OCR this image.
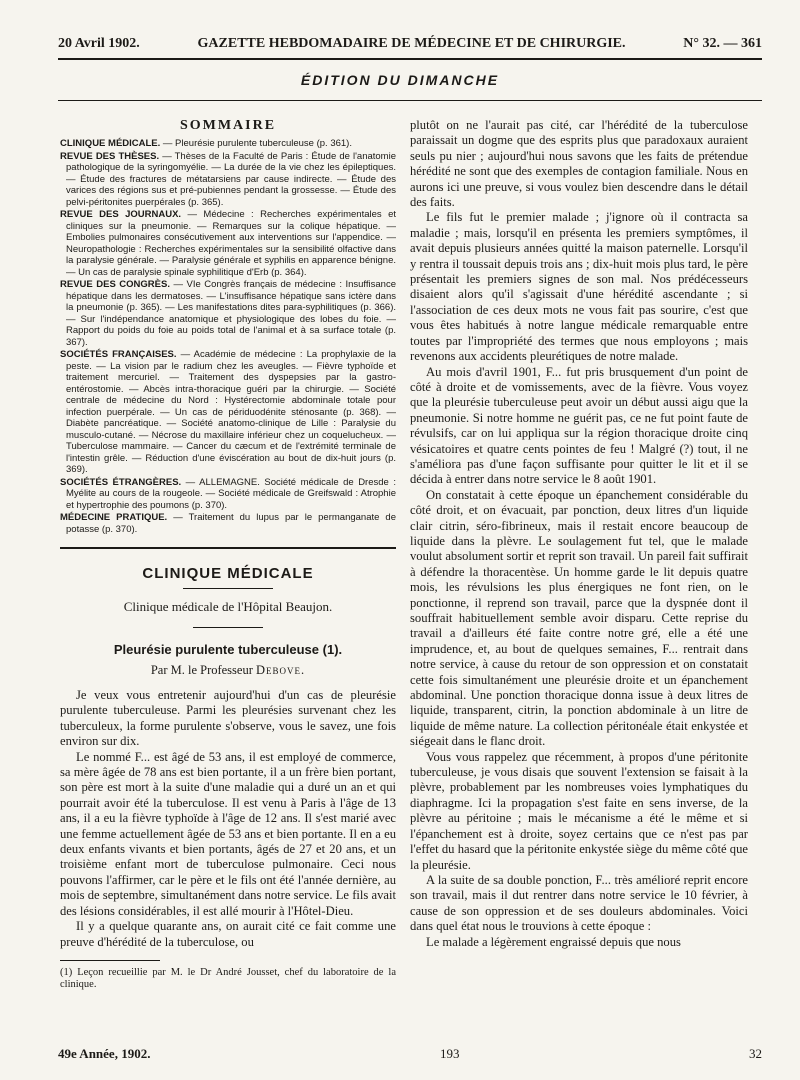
20 Avril 1902.	GAZETTE HEBDOMADAIRE DE MÉDECINE ET DE CHIRURGIE.	N° 32. — 361
ÉDITION DU DIMANCHE
SOMMAIRE

CLINIQUE MÉDICALE. — Pleurésie purulente tuberculeuse (p. 361).

REVUE DES THÈSES. — Thèses de la Faculté de Paris : Étude de l'anatomie pathologique de la syringomyélie. — La durée de la vie chez les épileptiques. — Étude des fractures de métatarsiens par cause indirecte. — Étude des varices des régions sus et pré-pubiennes pendant la grossesse. — Étude des pelvi-péritonites puerpérales (p. 365).

REVUE DES JOURNAUX. — Médecine : Recherches expérimentales et cliniques sur la pneumonie. — Remarques sur la colique hépatique. — Embolies pulmonaires consécutivement aux interventions sur l'appendice. — Neuropathologie : Recherches expérimentales sur la sensibilité olfactive dans la paralysie générale. — Paralysie générale et syphilis en apparence bénigne. — Un cas de paralysie spinale syphilitique d'Erb (p. 364).

REVUE DES CONGRÈS. — VIe Congrès français de médecine : Insuffisance hépatique dans les dermatoses. — L'insuffisance hépatique sans ictère dans la pneumonie (p. 365). — Les manifestations dites para-syphilitiques (p. 366). — Sur l'indépendance anatomique et physiologique des lobes du foie. — Rapport du poids du foie au poids total de l'animal et à sa surface totale (p. 367).

SOCIÉTÉS FRANÇAISES. — Académie de médecine : La prophylaxie de la peste. — La vision par le radium chez les aveugles. — Fièvre typhoïde et traitement mercuriel. — Traitement des dyspepsies par la gastro-entérostomie. — Abcès intra-thoracique guéri par la chirurgie. — Société centrale de médecine du Nord : Hystérectomie abdominale totale pour infection puerpérale. — Un cas de périduodénite sténosante (p. 368). — Diabète pancréatique. — Société anatomo-clinique de Lille : Paralysie du musculo-cutané. — Nécrose du maxillaire inférieur chez un coquelucheux. — Tuberculose mammaire. — Cancer du cæcum et de l'extrémité terminale de l'intestin grêle. — Réduction d'une éviscération au bout de dix-huit jours (p. 369).

SOCIÉTÉS ÉTRANGÈRES. — ALLEMAGNE. Société médicale de Dresde : Myélite au cours de la rougeole. — Société médicale de Greifswald : Atrophie et hypertrophie des poumons (p. 370).

MÉDECINE PRATIQUE. — Traitement du lupus par le permanganate de potasse (p. 370).

CLINIQUE MÉDICALE
Clinique médicale de l'Hôpital Beaujon.
Pleurésie purulente tuberculeuse (1).
Par M. le Professeur Debove.

Je veux vous entretenir aujourd'hui d'un cas de pleurésie purulente tuberculeuse. Parmi les pleurésies survenant chez les tuberculeux, la forme purulente s'observe, vous le savez, une fois environ sur dix.

Le nommé F... est âgé de 53 ans, il est employé de commerce, sa mère âgée de 78 ans est bien portante, il a un frère bien portant, son père est mort à la suite d'une maladie qui a duré un an et qui pourrait avoir été la tuberculose. Il est venu à Paris à l'âge de 13 ans, il a eu la fièvre typhoïde à l'âge de 12 ans. Il s'est marié avec une femme actuellement âgée de 53 ans et bien portante. Il en a eu deux enfants vivants et bien portants, âgés de 27 et 20 ans, et un troisième enfant mort de tuberculose pulmonaire. Ceci nous pouvons l'affirmer, car le père et le fils ont été l'année dernière, au mois de septembre, simultanément dans notre service. Le fils avait des lésions considérables, il est allé mourir à l'Hôtel-Dieu.

Il y a quelque quarante ans, on aurait cité ce fait comme une preuve d'hérédité de la tuberculose, ou

(1) Leçon recueillie par M. le Dr André Jousset, chef du laboratoire de la clinique.

plutôt on ne l'aurait pas cité, car l'hérédité de la tuberculose paraissait un dogme que des esprits plus que paradoxaux auraient seuls pu nier ; aujourd'hui nous savons que les faits de prétendue hérédité ne sont que des exemples de contagion familiale. Nous en aurons ici une preuve, si vous voulez bien descendre dans le détail des faits.

Le fils fut le premier malade ; j'ignore où il contracta sa maladie ; mais, lorsqu'il en présenta les premiers symptômes, il avait depuis plusieurs années quitté la maison paternelle. Lorsqu'il y rentra il toussait depuis trois ans ; dix-huit mois plus tard, le père présentait les premiers signes de son mal. Nos prédécesseurs disaient alors qu'il s'agissait d'une hérédité ascendante ; si l'association de ces deux mots ne vous fait pas sourire, c'est que vous êtes habitués à notre langue médicale remarquable entre toutes par l'impropriété des termes que nous employons ; mais revenons aux accidents pleurétiques de notre malade.

Au mois d'avril 1901, F... fut pris brusquement d'un point de côté à droite et de vomissements, avec de la fièvre. Vous voyez que la pleurésie tuberculeuse peut avoir un début aussi aigu que la pneumonie. Si notre homme ne guérit pas, ce ne fut point faute de révulsifs, car on lui appliqua sur la région thoracique droite cinq vésicatoires et quatre cents pointes de feu ! Malgré (?) tout, il ne s'améliora pas d'une façon suffisante pour quitter le lit et il se décida à entrer dans notre service le 8 août 1901.

On constatait à cette époque un épanchement considérable du côté droit, et on évacuait, par ponction, deux litres d'un liquide clair citrin, séro-fibrineux, mais il restait encore beaucoup de liquide dans la plèvre. Le soulagement fut tel, que le malade voulut absolument sortir et reprit son travail. Un pareil fait suffirait à défendre la thoracentèse. Un homme garde le lit depuis quatre mois, les révulsions les plus énergiques ne font rien, on le ponctionne, il reprend son travail, parce que la dyspnée dont il souffrait habituellement semble avoir disparu. Cette reprise du travail a d'ailleurs été faite contre notre gré, elle a été une imprudence, et, au bout de quelques semaines, F... rentrait dans notre service, à cause du retour de son oppression et on constatait cette fois simultanément une pleurésie droite et un épanchement abdominal. Une ponction thoracique donna issue à deux litres de liquide, transparent, citrin, la ponction abdominale à un litre de liquide de même nature. La collection péritonéale était enkystée et siégeait dans le flanc droit.

Vous vous rappelez que récemment, à propos d'une péritonite tuberculeuse, je vous disais que souvent l'extension se faisait à la plèvre, probablement par les nombreuses voies lymphatiques du diaphragme. Ici la propagation s'est faite en sens inverse, de la plèvre au péritoine ; mais le mécanisme a été le même et si l'épanchement est à droite, soyez certains que ce n'est pas par l'effet du hasard que la péritonite enkystée siège du même côté que la pleurésie.

A la suite de sa double ponction, F... très amélioré reprit encore son travail, mais il dut rentrer dans notre service le 10 février, à cause de son oppression et de ses douleurs abdominales. Voici dans quel état nous le trouvions à cette époque :

Le malade a légèrement engraissé depuis que nous

49e Année, 1902.	193	32
